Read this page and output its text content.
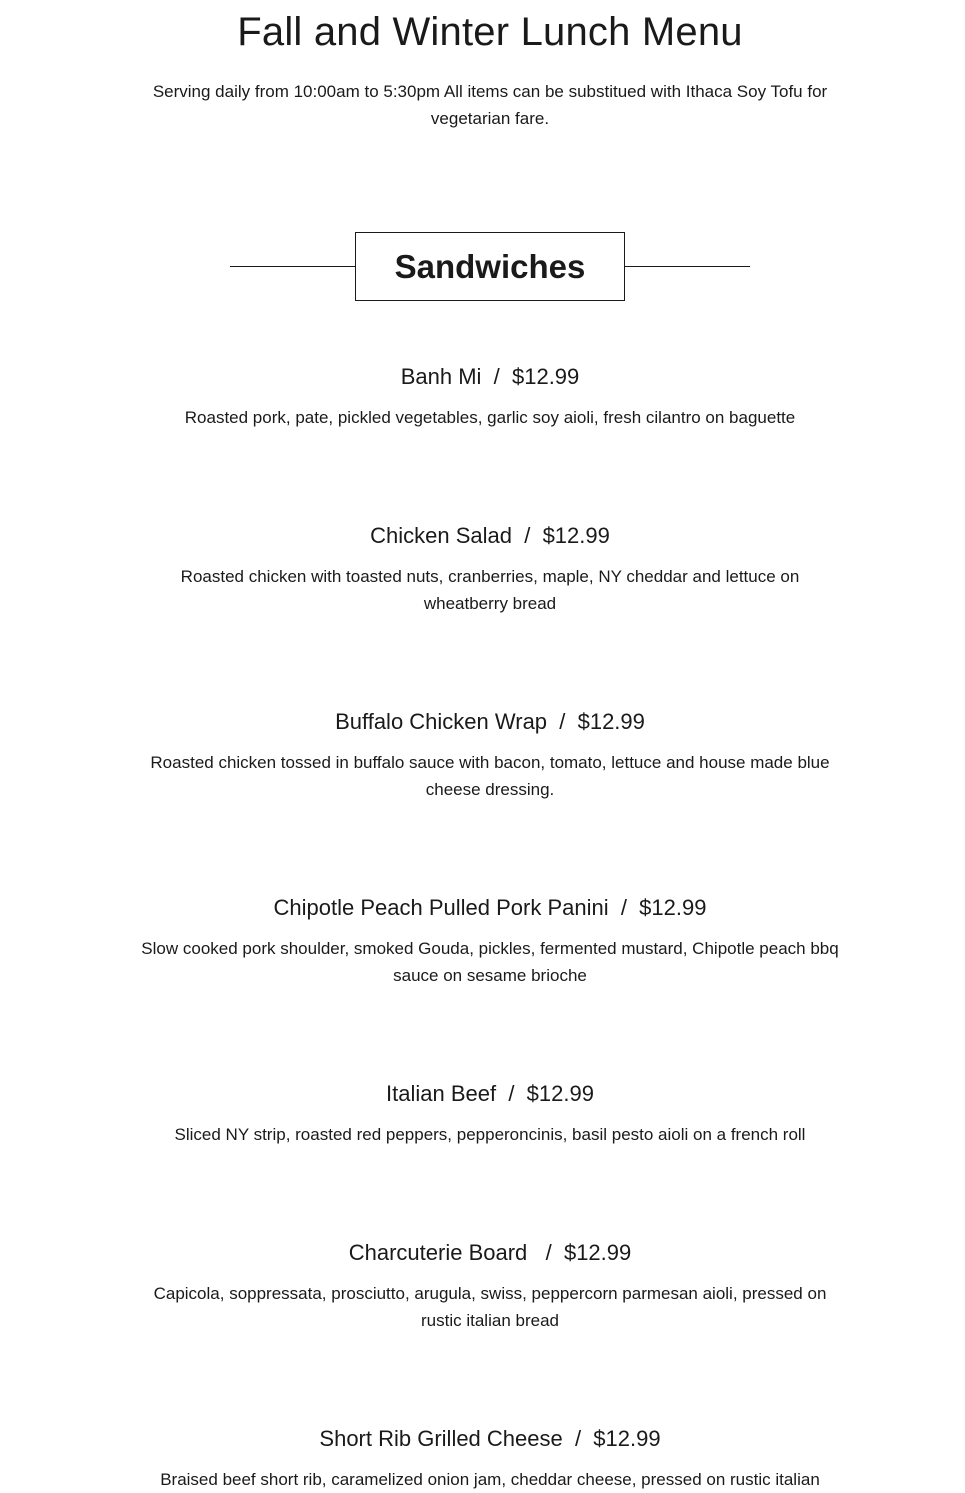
Fall and Winter Lunch Menu

Serving daily from 10:00am to 5:30pm All items can be substitued with Ithaca Soy Tofu for vegetarian fare.

Sandwiches

Banh Mi  /  $12.99

Roasted pork, pate, pickled vegetables, garlic soy aioli, fresh cilantro on baguette

Chicken Salad  /  $12.99

Roasted chicken with toasted nuts, cranberries, maple, NY cheddar and lettuce on wheatberry bread

Buffalo Chicken Wrap  /  $12.99

Roasted chicken tossed in buffalo sauce with bacon, tomato, lettuce and house made blue cheese dressing.

Chipotle Peach Pulled Pork Panini  /  $12.99

Slow cooked pork shoulder, smoked Gouda, pickles, fermented mustard, Chipotle peach bbq sauce on sesame brioche

Italian Beef  /  $12.99

Sliced NY strip, roasted red peppers, pepperoncinis, basil pesto aioli on a french roll

Charcuterie Board   /  $12.99

Capicola, soppressata, prosciutto, arugula, swiss, peppercorn parmesan aioli, pressed on rustic italian bread

Short Rib Grilled Cheese  /  $12.99

Braised beef short rib, caramelized onion jam, cheddar cheese, pressed on rustic italian
